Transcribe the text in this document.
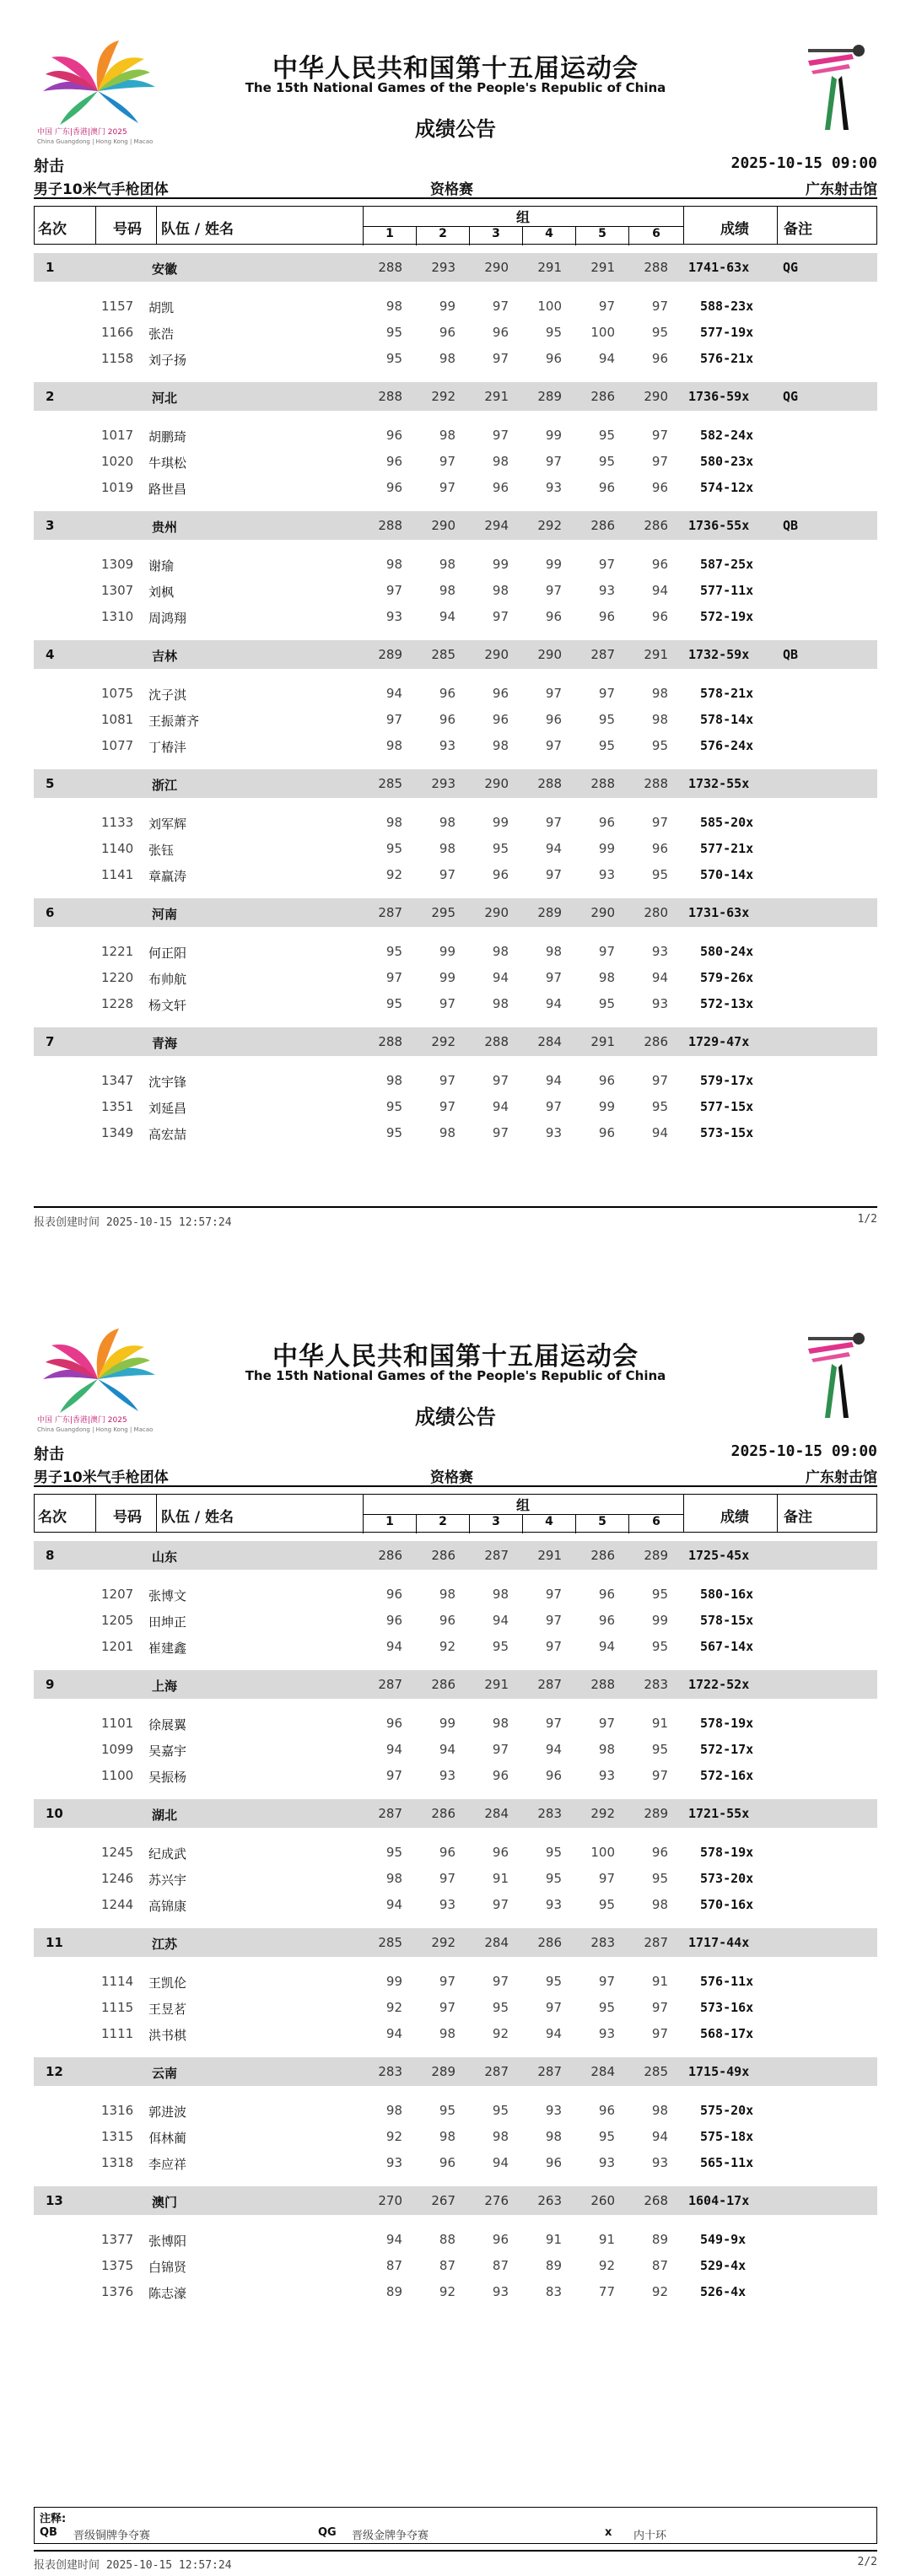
中国 广东|香港|澳门 2025
China Guangdong | Hong Kong | Macao
中华人民共和国第十五届运动会
The 15th National Games of the People's Republic of China
成绩公告
射击	2025-10-15 09:00
男子10米气手枪团体	资格赛	广东射击馆
名次	号码	队伍 / 姓名
组
1	2	3	4	5	6	成绩	备注
1	安徽	288	293	290	291	291	288 1741-63x	QG
1157 胡凯	98	99	97	100	97	97	588-23x
1166 张浩	95	96	96	95	100	95	577-19x
1158 刘子扬	95	98	97	96	94	96	576-21x
2	河北	288	292	291	289	286	290 1736-59x	QG
1017 胡鹏琦	96	98	97	99	95	97	582-24x
1020 牛琪松	96	97	98	97	95	97	580-23x
1019 路世昌	96	97	96	93	96	96	574-12x
3	贵州	288	290	294	292	286	286 1736-55x	QB
1309 谢瑜	98	98	99	99	97	96	587-25x
1307 刘枫	97	98	98	97	93	94	577-11x
1310 周鸿翔	93	94	97	96	96	96	572-19x
4	吉林	289	285	290	290	287	291 1732-59x	QB
1075 沈子淇	94	96	96	97	97	98	578-21x
1081 王振萧齐	97	96	96	96	95	98	578-14x
1077 丁椿沣	98	93	98	97	95	95	576-24x
5	浙江	285	293	290	288	288	288 1732-55x
1133 刘军辉	98	98	99	97	96	97	585-20x
1140 张钰	95	98	95	94	99	96	577-21x
1141 章赢涛	92	97	96	97	93	95	570-14x
6	河南	287	295	290	289	290	280 1731-63x
1221 何正阳	95	99	98	98	97	93	580-24x
1220 布帅航	97	99	94	97	98	94	579-26x
1228 杨文轩	95	97	98	94	95	93	572-13x
7	青海	288	292	288	284	291	286 1729-47x
1347 沈宇锋	98	97	97	94	96	97	579-17x
1351 刘延昌	95	97	94	97	99	95	577-15x
1349 高宏喆	95	98	97	93	96	94	573-15x
报表创建时间 2025-10-15 12:57:24	1/2
中国 广东|香港|澳门 2025
China Guangdong | Hong Kong | Macao
中华人民共和国第十五届运动会
The 15th National Games of the People's Republic of China
成绩公告
射击	2025-10-15 09:00
男子10米气手枪团体	资格赛	广东射击馆
名次	号码	队伍 / 姓名
组
1	2	3	4	5	6	成绩	备注
8	山东	286	286	287	291	286	289 1725-45x
1207 张博文	96	98	98	97	96	95	580-16x
1205 田坤正	96	96	94	97	96	99	578-15x
1201 崔建鑫	94	92	95	97	94	95	567-14x
9	上海	287	286	291	287	288	283 1722-52x
1101 徐展翼	96	99	98	97	97	91	578-19x
1099 吴嘉宇	94	94	97	94	98	95	572-17x
1100 吴振杨	97	93	96	96	93	97	572-16x
10	湖北	287	286	284	283	292	289 1721-55x
1245 纪成武	95	96	96	95	100	96	578-19x
1246 苏兴宇	98	97	91	95	97	95	573-20x
1244 高锦康	94	93	97	93	95	98	570-16x
11	江苏	285	292	284	286	283	287 1717-44x
1114 王凯伦	99	97	97	95	97	91	576-11x
1115 王昱茗	92	97	95	97	95	97	573-16x
1111 洪书棋	94	98	92	94	93	97	568-17x
12	云南	283	289	287	287	284	285 1715-49x
1316 郭进波	98	95	95	93	96	98	575-20x
1315 佴林蔺	92	98	98	98	95	94	575-18x
1318 李应祥	93	96	94	96	93	93	565-11x
13	澳门	270	267	276	263	260	268 1604-17x
1377 张博阳	94	88	96	91	91	89	549-9x
1375 白锦贤	87	87	87	89	92	87	529-4x
1376 陈志濠	89	92	93	83	77	92	526-4x
注释:
QB 晋级铜牌争夺赛	QG 晋级金牌争夺赛	x 内十环
报表创建时间 2025-10-15 12:57:24	2/2
